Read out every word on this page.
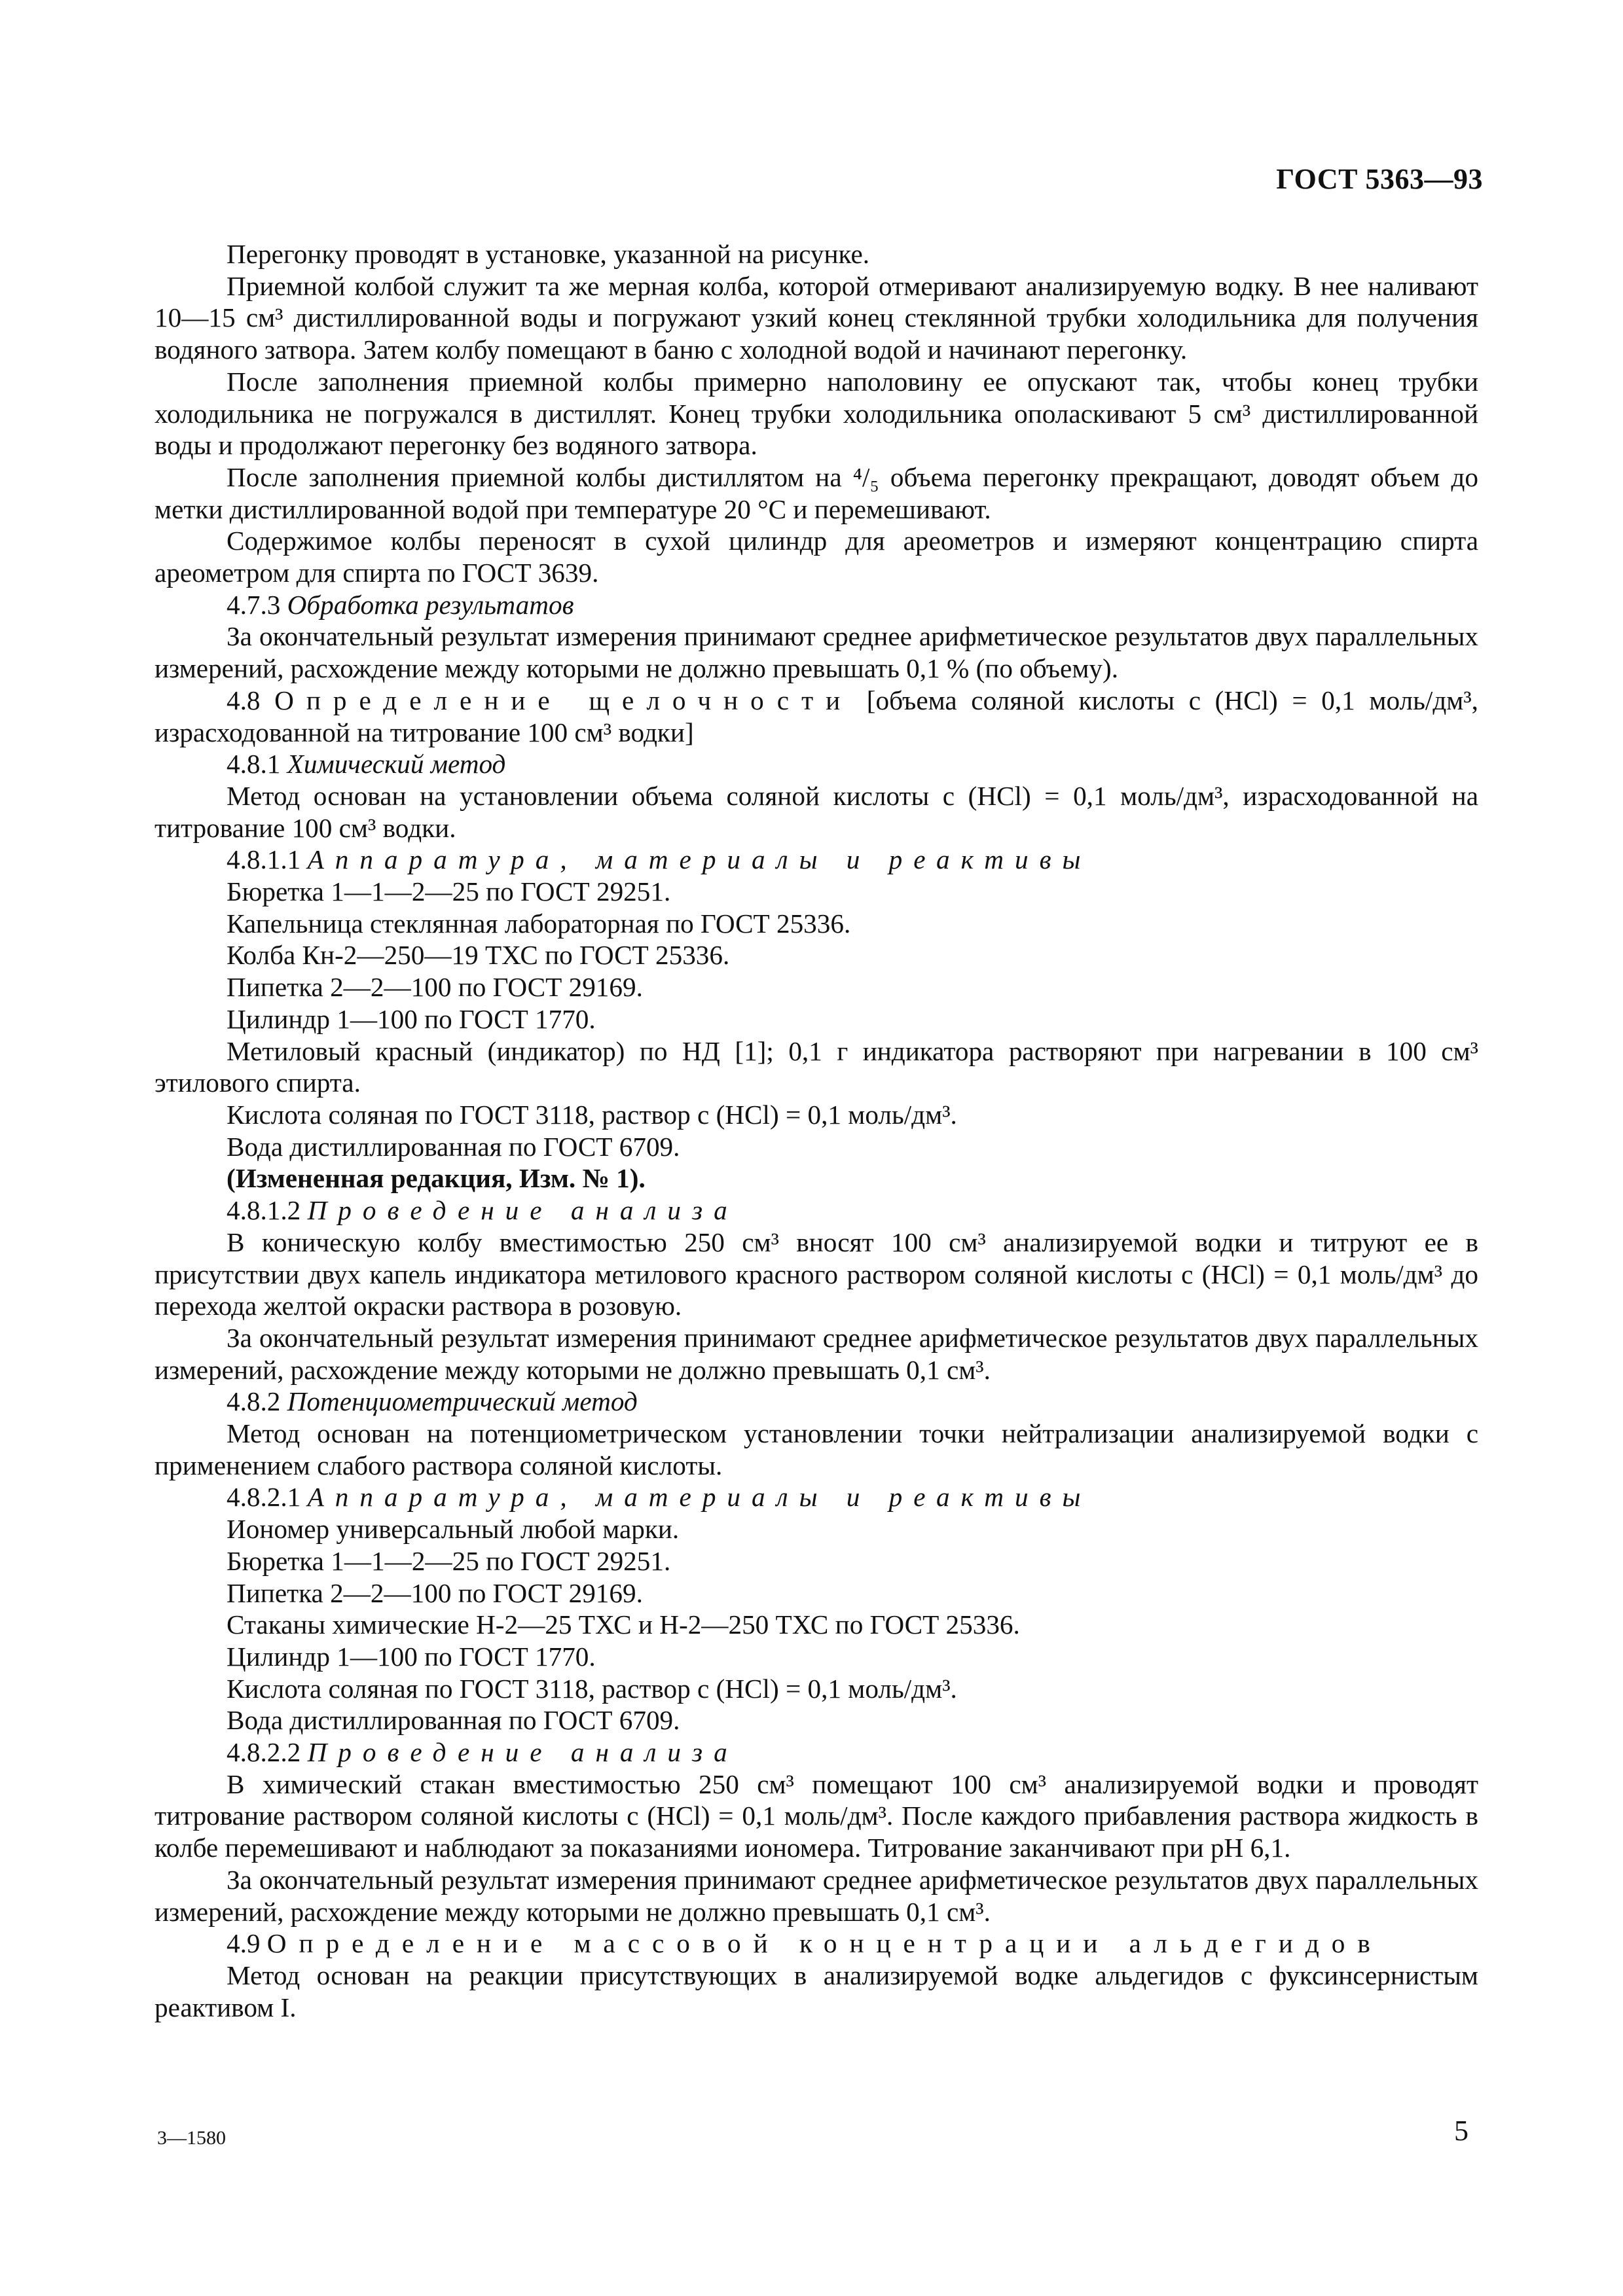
ГОСТ 5363—93

Перегонку проводят в установке, указанной на рисунке.

Приемной колбой служит та же мерная колба, которой отмеривают анализируемую водку. В нее наливают 10—15 см³ дистиллированной воды и погружают узкий конец стеклянной трубки холодильника для получения водяного затвора. Затем колбу помещают в баню с холодной водой и начинают перегонку.

После заполнения приемной колбы примерно наполовину ее опускают так, чтобы конец трубки холодильника не погружался в дистиллят. Конец трубки холодильника ополаскивают 5 см³ дистиллированной воды и продолжают перегонку без водяного затвора.

После заполнения приемной колбы дистиллятом на ⁴/₅ объема перегонку прекращают, доводят объем до метки дистиллированной водой при температуре 20 °С и перемешивают.

Содержимое колбы переносят в сухой цилиндр для ареометров и измеряют концентрацию спирта ареометром для спирта по ГОСТ 3639.

4.7.3 Обработка результатов

За окончательный результат измерения принимают среднее арифметическое результатов двух параллельных измерений, расхождение между которыми не должно превышать 0,1 % (по объему).

4.8 Определение щелочности [объема соляной кислоты c (HCl) = 0,1 моль/дм³, израсходованной на титрование 100 см³ водки]

4.8.1 Химический метод

Метод основан на установлении объема соляной кислоты c (HCl) = 0,1 моль/дм³, израсходованной на титрование 100 см³ водки.

4.8.1.1 Аппаратура, материалы и реактивы

Бюретка 1—1—2—25 по ГОСТ 29251.

Капельница стеклянная лабораторная по ГОСТ 25336.

Колба Кн-2—250—19 ТХС по ГОСТ 25336.

Пипетка 2—2—100 по ГОСТ 29169.

Цилиндр 1—100 по ГОСТ 1770.

Метиловый красный (индикатор) по НД [1]; 0,1 г индикатора растворяют при нагревании в 100 см³ этилового спирта.

Кислота соляная по ГОСТ 3118, раствор c (HCl) = 0,1 моль/дм³.

Вода дистиллированная по ГОСТ 6709.

(Измененная редакция, Изм. № 1).

4.8.1.2 Проведение анализа

В коническую колбу вместимостью 250 см³ вносят 100 см³ анализируемой водки и титруют ее в присутствии двух капель индикатора метилового красного раствором соляной кислоты c (HCl) = 0,1 моль/дм³ до перехода желтой окраски раствора в розовую.

За окончательный результат измерения принимают среднее арифметическое результатов двух параллельных измерений, расхождение между которыми не должно превышать 0,1 см³.

4.8.2 Потенциометрический метод

Метод основан на потенциометрическом установлении точки нейтрализации анализируемой водки с применением слабого раствора соляной кислоты.

4.8.2.1 Аппаратура, материалы и реактивы

Иономер универсальный любой марки.

Бюретка 1—1—2—25 по ГОСТ 29251.

Пипетка 2—2—100 по ГОСТ 29169.

Стаканы химические Н-2—25 ТХС и Н-2—250 ТХС по ГОСТ 25336.

Цилиндр 1—100 по ГОСТ 1770.

Кислота соляная по ГОСТ 3118, раствор c (HCl) = 0,1 моль/дм³.

Вода дистиллированная по ГОСТ 6709.

4.8.2.2 Проведение анализа

В химический стакан вместимостью 250 см³ помещают 100 см³ анализируемой водки и проводят титрование раствором соляной кислоты c (HCl) = 0,1 моль/дм³. После каждого прибавления раствора жидкость в колбе перемешивают и наблюдают за показаниями иономера. Титрование заканчивают при pH 6,1.

За окончательный результат измерения принимают среднее арифметическое результатов двух параллельных измерений, расхождение между которыми не должно превышать 0,1 см³.

4.9 Определение массовой концентрации альдегидов

Метод основан на реакции присутствующих в анализируемой водке альдегидов с фуксинсернистым реактивом I.

3—1580	5
